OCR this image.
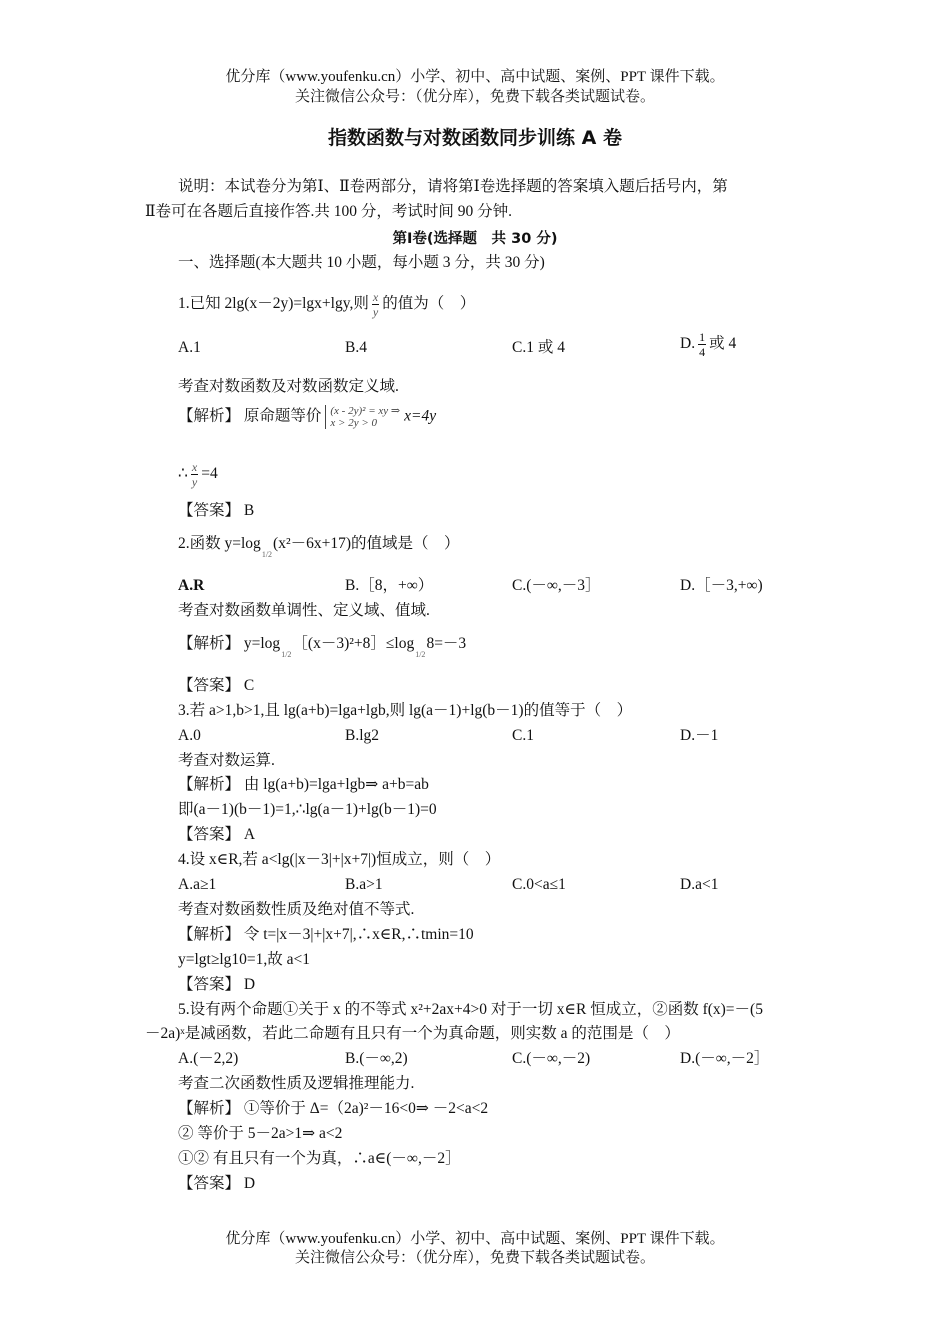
优分库（www.youfenku.cn）小学、初中、高中试题、案例、PPT 课件下载。
关注微信公众号：（优分库），免费下载各类试题试卷。
指数函数与对数函数同步训练 A 卷
说明：本试卷分为第Ⅰ、Ⅱ卷两部分，请将第Ⅰ卷选择题的答案填入题后括号内，第
Ⅱ卷可在各题后直接作答.共 100 分，考试时间 90 分钟.
第Ⅰ卷(选择题　共 30 分)
一、选择题(本大题共 10 小题，每小题 3 分，共 30 分)
1.已知 2lg(x－2y)=lgx+lgy,则 $\frac{x}{y}$ 的值为（　）
A.1	B.4	C.1 或 4	D. $\frac{1}{4}$ 或 4
考查对数函数及对数函数定义域.
【解析】 原命题等价 (x - 2y)² = xy ⇒
x > 2y > 0	x=4y
∴ $\frac{x}{y} =4$
【答案】 B
2.函数 $y=\log_{1/2}(x^2-6x+17)$的值域是（　）
A.R	B.［8，+∞）	C.(－∞,－3］	D.［－3,+∞)
考查对数函数单调性、定义域、值域.
【解析】 $y=\log_{1/2}[(x-3)^2+8]\le\log_{1/2}8=-3$
【答案】 C
3.若 a>1,b>1,且 lg(a+b)=lga+lgb,则 lg(a－1)+lg(b－1)的值等于（　）
A.0	B.lg2	C.1	D.－1
考查对数运算.
【解析】 由 lg(a+b)=lga+lgb⇒ a+b=ab
即(a－1)(b－1)=1,∴lg(a－1)+lg(b－1)=0
【答案】 A
4.设 x∈R,若 a<lg(|x－3|+|x+7|)恒成立，则（　）
A.a≥1	B.a>1	C.0<a≤1	D.a<1
考查对数函数性质及绝对值不等式.
【解析】 令 t=|x－3|+|x+7|,∴x∈R,∴tmin=10
y=lgt≥lg10=1,故 a<1
【答案】 D
5.设有两个命题①关于 x 的不等式 x²+2ax+4>0 对于一切 x∈R 恒成立，②函数 f(x)=－(5
－2a)ˣ是减函数，若此二命题有且只有一个为真命题，则实数 a 的范围是（　）
A.(－2,2)	B.(－∞,2)	C.(－∞,－2)	D.(－∞,－2］
考查二次函数性质及逻辑推理能力.
【解析】 ①等价于 Δ=（2a)²－16<0⇒ －2<a<2
② 等价于 5－2a>1⇒ a<2
①② 有且只有一个为真，∴a∈(－∞,－2］
【答案】 D
优分库（www.youfenku.cn）小学、初中、高中试题、案例、PPT 课件下载。
关注微信公众号：（优分库），免费下载各类试题试卷。
